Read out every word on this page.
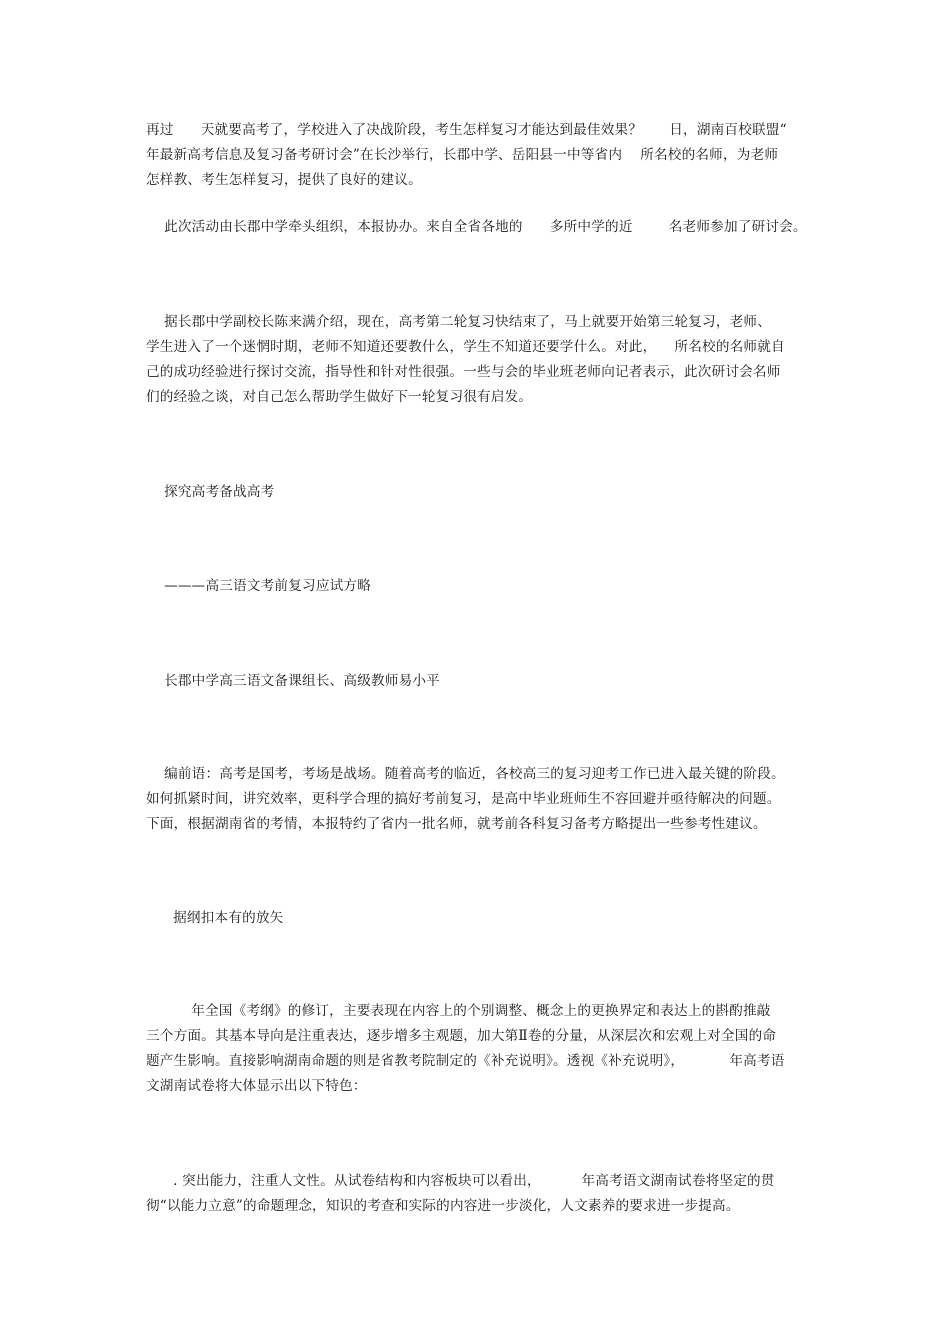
再过      天就要高考了，学校进入了决战阶段，考生怎样复习才能达到最佳效果？      日，湖南百校联盟“
年最新高考信息及复习备考研讨会”在长沙举行，长郡中学、岳阳县一中等省内    所名校的名师，为老师
怎样教、考生怎样复习，提供了良好的建议。
此次活动由长郡中学牵头组织，本报协办。来自全省各地的      多所中学的近        名老师参加了研讨会。
据长郡中学副校长陈来满介绍，现在，高考第二轮复习快结束了，马上就要开始第三轮复习，老师、
学生进入了一个迷惘时期，老师不知道还要教什么，学生不知道还要学什么。对此，    所名校的名师就自
己的成功经验进行探讨交流，指导性和针对性很强。一些与会的毕业班老师向记者表示，此次研讨会名师
们的经验之谈，对自己怎么帮助学生做好下一轮复习很有启发。
探究高考备战高考
———高三语文考前复习应试方略
长郡中学高三语文备课组长、高级教师易小平
编前语：高考是国考，考场是战场。随着高考的临近，各校高三的复习迎考工作已进入最关键的阶段。
如何抓紧时间，讲究效率，更科学合理的搞好考前复习，是高中毕业班师生不容回避并亟待解决的问题。
下面，根据湖南省的考情，本报特约了省内一批名师，就考前各科复习备考方略提出一些参考性建议。
据纲扣本有的放矢
年全国《考纲》的修订，主要表现在内容上的个别调整、概念上的更换界定和表达上的斟酌推敲
三个方面。其基本导向是注重表达，逐步增多主观题，加大第Ⅱ卷的分量，从深层次和宏观上对全国的命
题产生影响。直接影响湖南命题的则是省教考院制定的《补充说明》。透视《补充说明》，          年高考语
文湖南试卷将大体显示出以下特色：
. 突出能力，注重人文性。从试卷结构和内容板块可以看出，         年高考语文湖南试卷将坚定的贯
彻“以能力立意”的命题理念，知识的考查和实际的内容进一步淡化，人文素养的要求进一步提高。
